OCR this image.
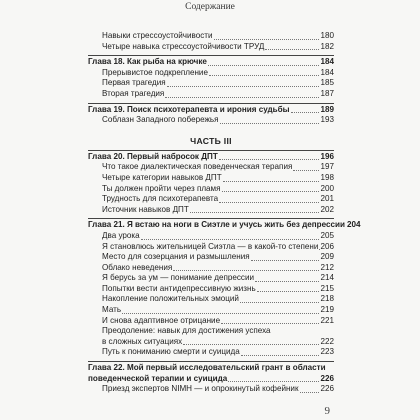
Содержание
Навыки стрессоустойчивости	180
Четыре навыка стрессоустойчивости ТРУД	182
Глава 18. Как рыба на крючке	184
Прерывистое подкрепление	184
Первая трагедия	185
Вторая трагедия	187
Глава 19. Поиск психотерапевта и ирония судьбы	189
Соблазн Западного побережья	193
ЧАСТЬ III
Глава 20. Первый набросок ДПТ	196
Что такое диалектическая поведенческая терапия	197
Четыре категории навыков ДПТ	198
Ты должен пройти через пламя	200
Трудность для психотерапевта	201
Источник навыков ДПТ	202
Глава 21. Я встаю на ноги в Сиэтле и учусь жить без депрессии 204
Два урока	205
Я становлюсь жительницей Сиэтла — в какой-то степени 206
Место для созерцания и размышления	209
Облако неведения	212
Я берусь за ум — понимание депрессии	214
Попытки вести антидепрессивную жизнь	215
Накопление положительных эмоций	218
Мать	219
И снова адаптивное отрицание	221
Преодоление: навык для достижения успеха
в сложных ситуациях	222
Путь к пониманию смерти и суицида	223
Глава 22. Мой первый исследовательский грант в области
поведенческой терапии и суицида	226
Приезд экспертов NIMH — и опрокинутый кофейник	226
9
